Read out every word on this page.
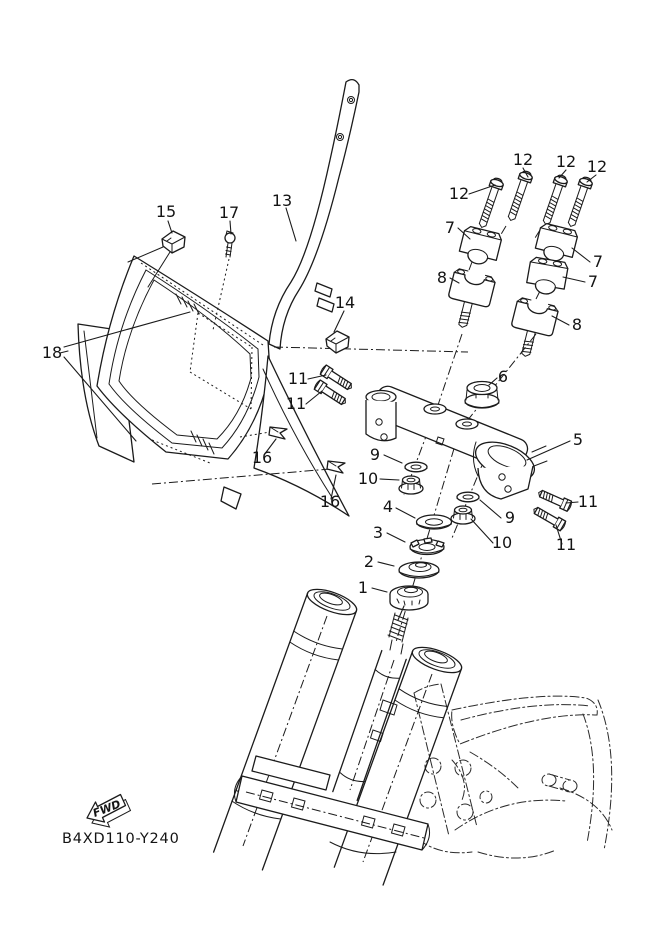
FWD
B4XD110-Y240
15	17
13	12
12 12 12
7
8
7
7
8
14
11
11
18
16
16
6
5
9
10
9
10
11
11
4
3
2
1
